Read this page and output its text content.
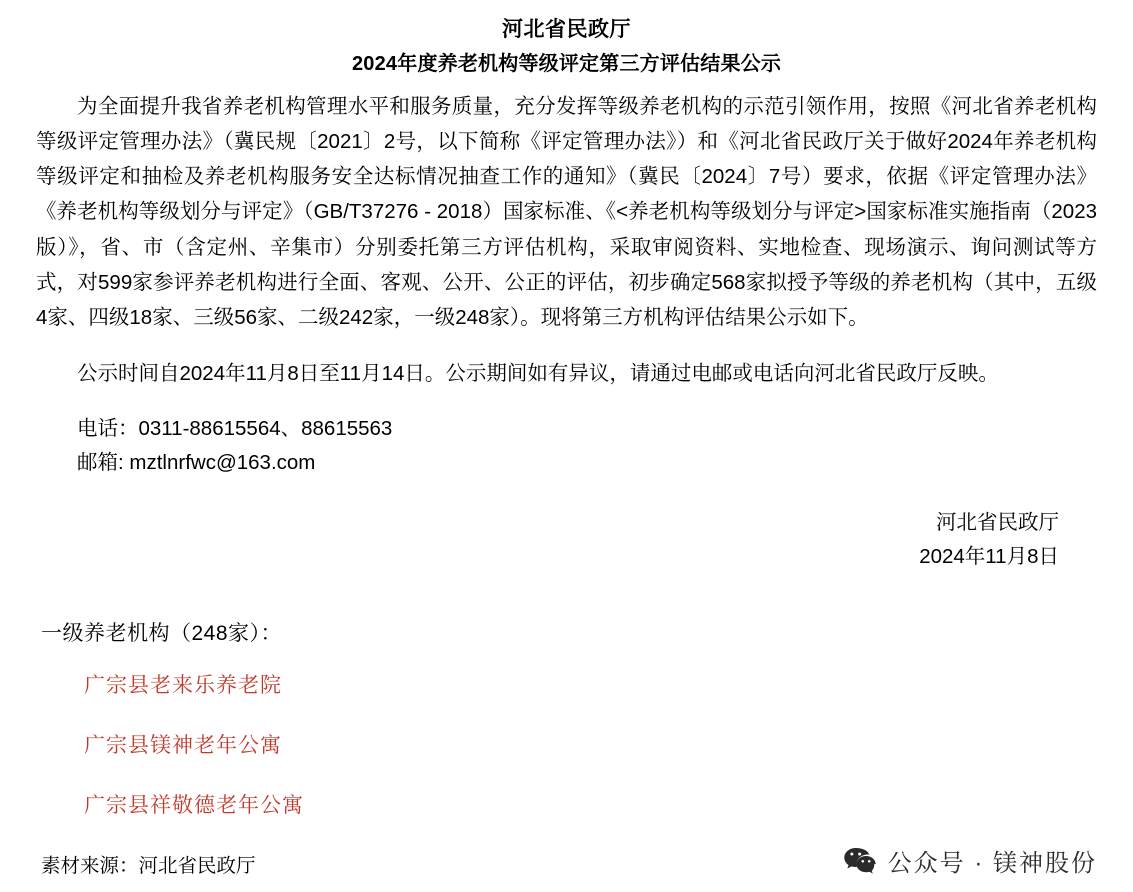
河北省民政厅
2024年度养老机构等级评定第三方评估结果公示

为全面提升我省养老机构管理水平和服务质量，充分发挥等级养老机构的示范引领作用，按照《河北省养老机构等级评定管理办法》（冀民规〔2021〕2号，以下简称《评定管理办法》）和《河北省民政厅关于做好2024年养老机构等级评定和抽检及养老机构服务安全达标情况抽查工作的通知》（冀民〔2024〕7号）要求，依据《评定管理办法》《养老机构等级划分与评定》（GB/T37276 - 2018）国家标准、《<养老机构等级划分与评定>国家标准实施指南（2023版）》，省、市（含定州、辛集市）分别委托第三方评估机构，采取审阅资料、实地检查、现场演示、询问测试等方式，对599家参评养老机构进行全面、客观、公开、公正的评估，初步确定568家拟授予等级的养老机构（其中，五级4家、四级18家、三级56家、二级242家，一级248家）。现将第三方机构评估结果公示如下。

公示时间自2024年11月8日至11月14日。公示期间如有异议，请通过电邮或电话向河北省民政厅反映。

电话：0311-88615564、88615563
邮箱: mztlnrfwc@163.com
河北省民政厅
2024年11月8日
一级养老机构（248家）：
广宗县老来乐养老院
广宗县镁神老年公寓
广宗县祥敬德老年公寓
素材来源：河北省民政厅	公众号 · 镁神股份
